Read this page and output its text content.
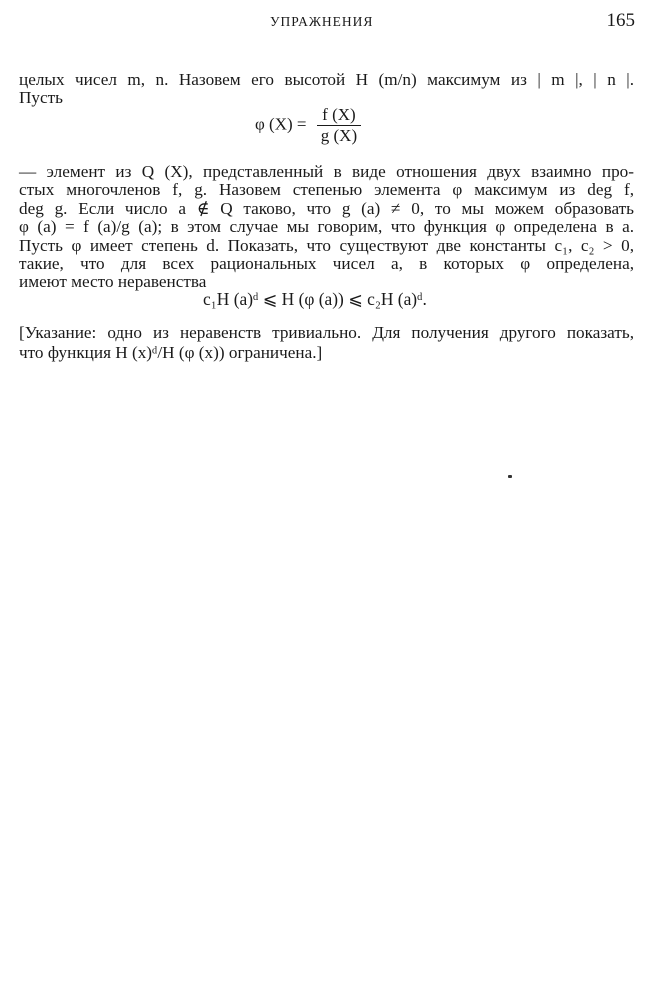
УПРАЖНЕНИЯ	165
целых чисел m, n. Назовем его высотой H (m/n) максимум из | m |, | n |.
Пусть
φ $(X) = \frac{f (X)}{g (X)}$
— элемент из Q (X), представленный в виде отношения двух взаимно про-
стых многочленов f, g. Назовем степенью элемента φ максимум из deg f,
deg g. Если число a ∉ Q таково, что g (a) ≠ 0, то мы можем образовать
φ (a) = f (a)/g (a); в этом случае мы говорим, что функция φ определена в a.
Пусть φ имеет степень d. Показать, что существуют две константы c₁, c₂ > 0,
такие, что для всех рациональных чисел a, в которых φ определена,
имеют место неравенства
c₁H (a)ᵈ ⩽ H (φ (a)) ⩽ c₂H (a)ᵈ.
[Указание: одно из неравенств тривиально. Для получения другого показать,
что функция H (x)ᵈ/H (φ (x)) ограничена.]
